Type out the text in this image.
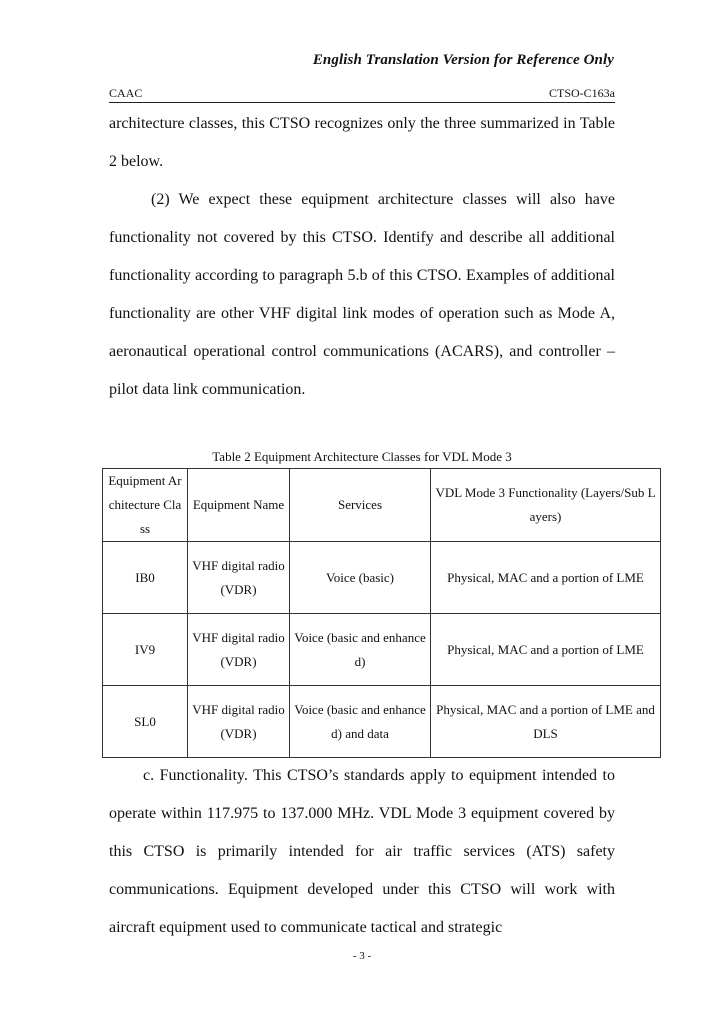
English Translation Version for Reference Only
CAAC	CTSO-C163a

architecture classes, this CTSO recognizes only the three summarized in Table 2 below.

(2) We expect these equipment architecture classes will also have functionality not covered by this CTSO. Identify and describe all additional functionality according to paragraph 5.b of this CTSO. Examples of additional functionality are other VHF digital link modes of operation such as Mode A, aeronautical operational control communications (ACARS), and controller – pilot data link communication.

Table 2 Equipment Architecture Classes for VDL Mode 3
Equipment Architecture Class	Equipment Name	Services	VDL Mode 3 Functionality (Layers/Sub Layers)
IB0	VHF digital radio (VDR)	Voice (basic)	Physical, MAC and a portion of LME
IV9	VHF digital radio (VDR)	Voice (basic and enhanced)	Physical, MAC and a portion of LME
SL0	VHF digital radio (VDR)	Voice (basic and enhanced) and data	Physical, MAC and a portion of LME and DLS

c. Functionality. This CTSO’s standards apply to equipment intended to operate within 117.975 to 137.000 MHz. VDL Mode 3 equipment covered by this CTSO is primarily intended for air traffic services (ATS) safety communications. Equipment developed under this CTSO will work with aircraft equipment used to communicate tactical and strategic

- 3 -
